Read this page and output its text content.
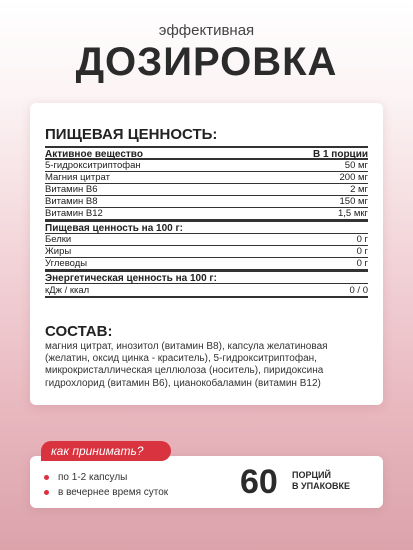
эффективная
ДОЗИРОВКА
ПИЩЕВАЯ ЦЕННОСТЬ:
Активное вещество	В 1 порции
5-гидрокситриптофан	50 мг
Магния цитрат	200 мг
Витамин В6	2 мг
Витамин В8	150 мг
Витамин В12	1,5 мкг
Пищевая ценность на 100 г:
Белки	0 г
Жиры	0 г
Углеводы	0 г
Энергетическая ценность на 100 г:
кДж / ккал	0 / 0
СОСТАВ:
магния цитрат, инозитол (витамин В8), капсула желатиновая (желатин, оксид цинка - краситель), 5-гидрокситриптофан, микрокристаллическая целлюлоза (носитель), пиридоксина гидрохлорид (витамин В6), цианокобаламин (витамин В12)
по 1-2 капсулы
в вечернее время суток 60 ПОРЦИЙ
В УПАКОВКЕ
как принимать?
